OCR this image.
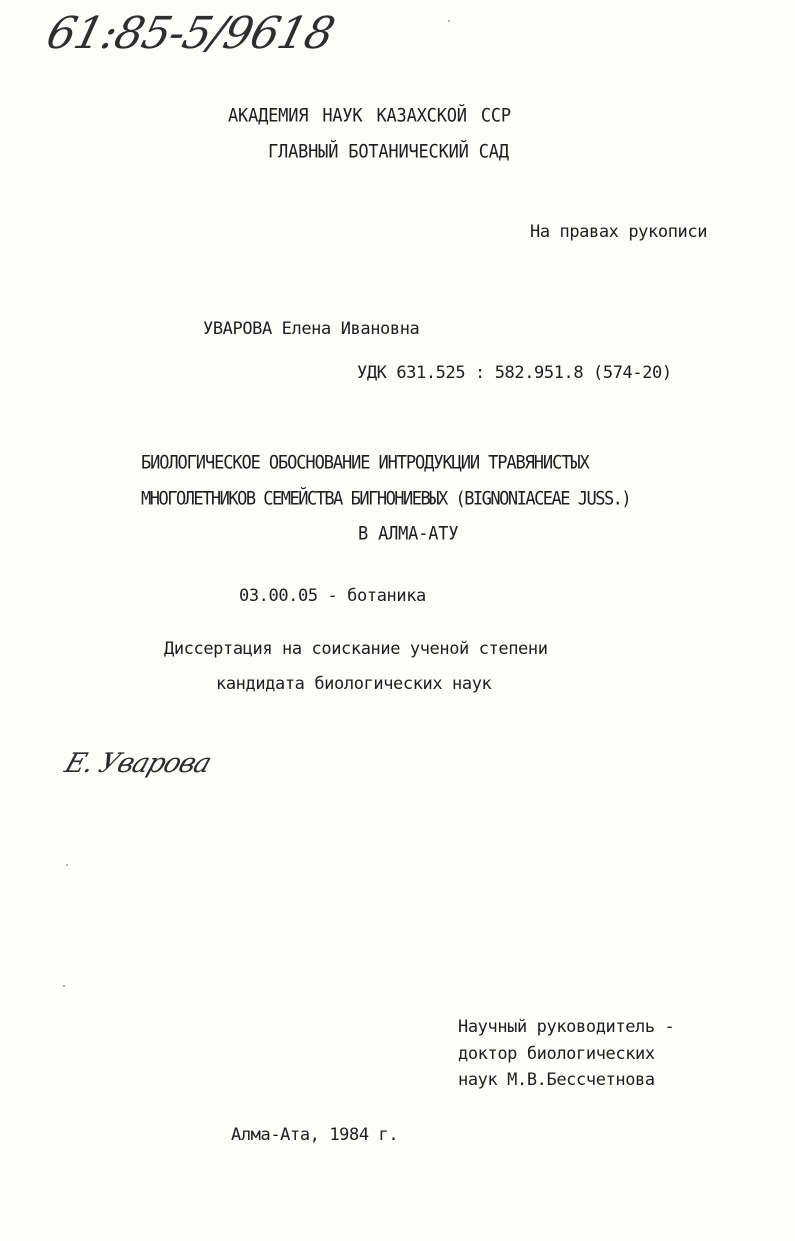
61:85-5/9618
АКАДЕМИЯ НАУК КАЗАХСКОЙ ССР
ГЛАВНЫЙ БОТАНИЧЕСКИЙ САД
На правах рукописи
УВАРОВА Елена Ивановна
УДК 631.525 : 582.951.8 (574-20)
БИОЛОГИЧЕСКОЕ ОБОСНОВАНИЕ ИНТРОДУКЦИИ ТРАВЯНИСТЫХ
МНОГОЛЕТНИКОВ СЕМЕЙСТВА БИГНОНИЕВЫХ (BIGNONIACEAE JUSS.)
В АЛМА-АТУ
03.00.05 - ботаника
Диссертация на соискание ученой степени
кандидата биологических наук
Е. Уварова
Научный руководитель -
доктор биологических
наук М.В.Бессчетнова
Алма-Ата, 1984 г.
